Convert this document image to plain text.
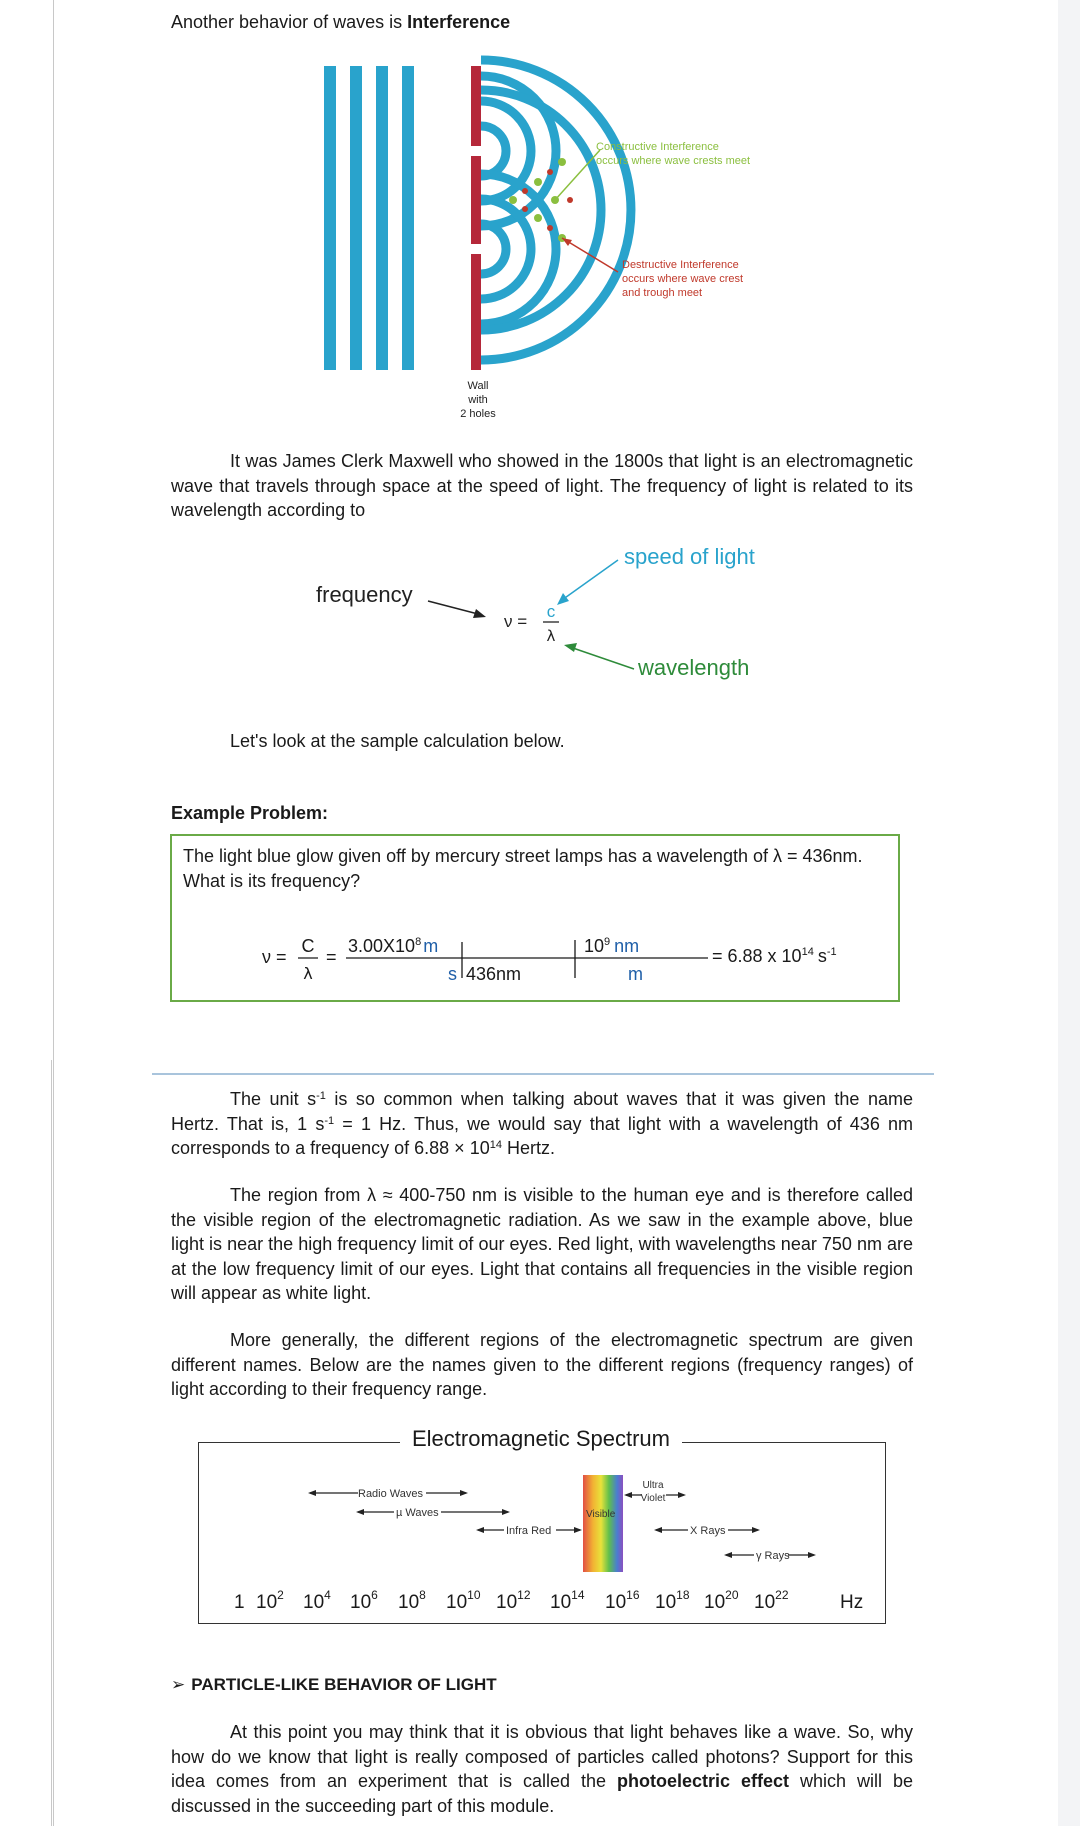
Another behavior of waves is Interference
Constructive Interference
occurs where wave crests meet
Destructive Interference
occurs where wave crest
and trough meet
Wall
with
2 holes
It was James Clerk Maxwell who showed in the 1800s that light is an electromagnetic wave that travels through space at the speed of light. The frequency of light is related to its wavelength according to
frequency
ν =
c
λ
speed of light
wavelength
Let's look at the sample calculation below.
Example Problem:
The light blue glow given off by mercury street lamps has a wavelength of λ = 436nm. What is its frequency?
ν =
C
λ
=
$3.00X10^8$ m
s 436nm
$10^9$ nm
m
= 6.88 x $10^{14}$ $s^{-1}$
The unit $s^{-1}$ is so common when talking about waves that it was given the name Hertz. That is, 1 $s^{-1} = 1$ Hz. Thus, we would say that light with a wavelength of 436 nm corresponds to a frequency of $6.88 \times 10^{14}$ Hertz.
The region from λ ≈ 400-750 nm is visible to the human eye and is therefore called the visible region of the electromagnetic radiation. As we saw in the example above, blue light is near the high frequency limit of our eyes. Red light, with wavelengths near 750 nm are at the low frequency limit of our eyes. Light that contains all frequencies in the visible region will appear as white light.
More generally, the different regions of the electromagnetic spectrum are given different names. Below are the names given to the different regions (frequency ranges) of light according to their frequency range.
Electromagnetic Spectrum
Radio Waves
µ Waves
Infra Red
Visible
Ultra
Violet
X Rays
γ Rays
1 $10^2$ $10^4$ $10^6$ $10^8$ $10^{10}$ $10^{12}$ $10^{14}$ $10^{16}$ $10^{18}$ $10^{20}$ $10^{22}$	Hz
➢ PARTICLE-LIKE BEHAVIOR OF LIGHT
At this point you may think that it is obvious that light behaves like a wave. So, why how do we know that light is really composed of particles called photons? Support for this idea comes from an experiment that is called the photoelectric effect which will be discussed in the succeeding part of this module.
